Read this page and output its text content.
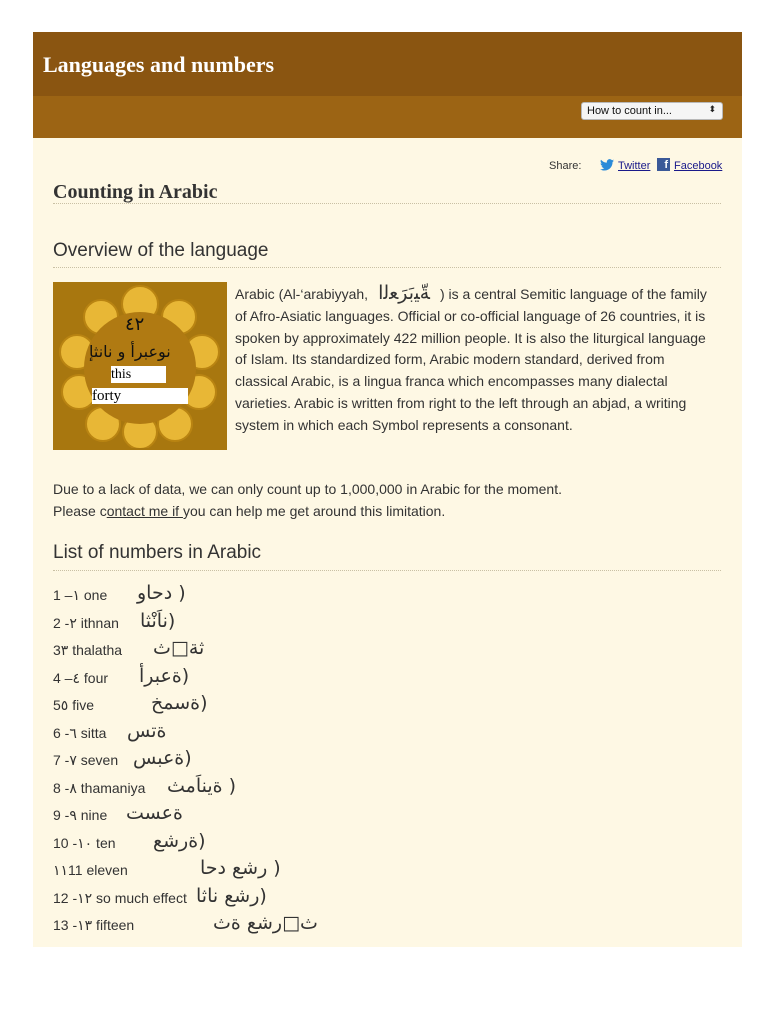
Languages and numbers
How to count in...	⬍
Share:	Twitter	f Facebook
Counting in Arabic
Overview of the language
٤٢
نوعبرأ و نانثإ
this
forty
Arabic (Al-‘arabiyyah, ﺔّﻴﺑَﺮَﻌﻟا ) is a central Semitic language of the family of Afro-Asiatic languages. Official or co-official language of 26 countries, it is spoken by approximately 422 million people. It is also the liturgical language of Islam. Its standardized form, Arabic modern standard, derived from classical Arabic, is a lingua franca which encompasses many dialectal varieties. Arabic is written from right to the left through an abjad, a writing system in which each Symbol represents a consonant.
Due to a lack of data, we can only count up to 1,000,000 in Arabic for the moment.
Please contact me if you can help me get around this limitation.
List of numbers in Arabic
1 –١ one دحاو )
2 -٢ ithnan ناَنْثا)
3٣ thalatha ثة□ث
4 –٤ four ةعبرأ)
5٥ five	ةسمخ)
6 -٦ sitta ةتس
7 -٧ seven ةعبس)
8 -٨ thamaniya ةيناَمث )
9 -٩ nine ةعست
10 -١٠ ten ةرشع)
١١11 eleven	رشع دحا )
12 -١٢ so much effect رشع ناثا)
13 -١٣ fifteen	ث□رشع ةث
